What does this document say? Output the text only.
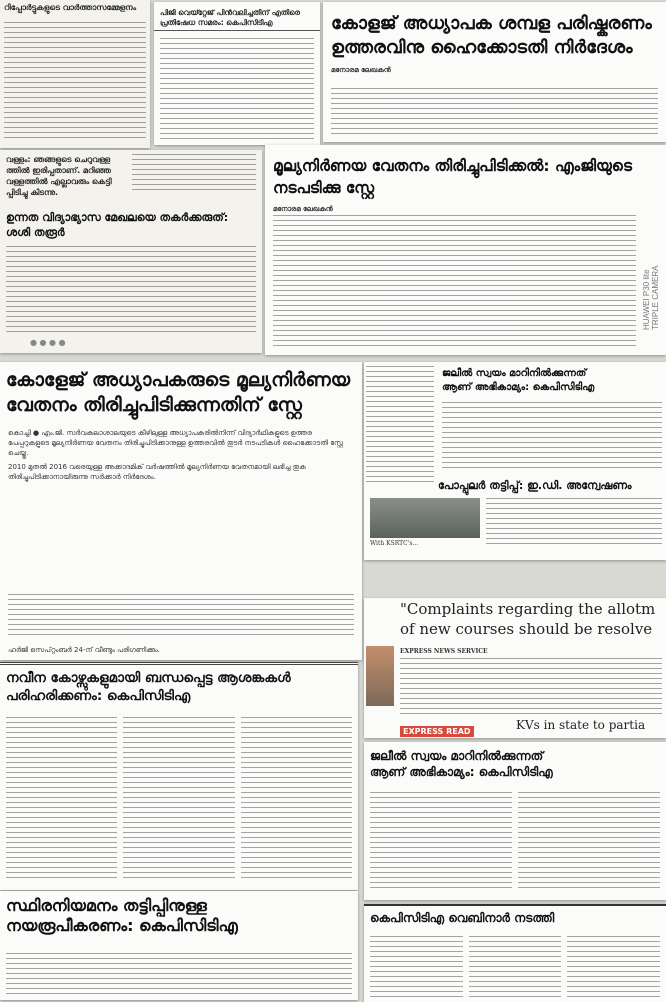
റിപ്പോർട്ടുകളുടെ വാർത്താസമ്മേളനം
പിജി വെയ്റ്റേജ് പിൻവലിച്ചതിന് എതിരെ പ്രതിഷേധ സമരം: കെപിസിടിഎ	കോളജ് അധ്യാപക ശമ്പള പരിഷ്കരണം ഉത്തരവിനു ഹൈക്കോടതി നിർദേശം
മനോരമ ലേഖകൻ
വള്ളം: ഞങ്ങളുടെ ചെറുവള്ള ത്തിൽ ഇരിപ്പതാണ്. മറിഞ്ഞ വള്ളത്തിൽ എല്ലാവരും കെട്ടി പ്പിടിച്ചു കിടന്നു.
ഉന്നത വിദ്യാഭ്യാസ മേഖലയെ തകർക്കരുത്: ശശി തരൂർ
● ● ● ●
മൂല്യനിർണയ വേതനം തിരിച്ചുപിടിക്കൽ: എംജിയുടെ നടപടിക്കു സ്റ്റേ
മനോരമ ലേഖകൻ
HUAWEI P30 lite TRIPLE CAMERA
കോളേജ് അധ്യാപകരുടെ മൂല്യനിർണയ വേതനം തിരിച്ചുപിടിക്കുന്നതിന് സ്റ്റേ
കൊച്ചി ● എം.ജി. സർവകലാശാലയുടെ കീഴിലുള്ള അധ്യാപകരിൽനിന്ന് വിദ്യാർഥികളുടെ ഉത്തര പേപ്പറുകളുടെ മൂല്യനിർണയ വേതനം തിരിച്ചുപിടിക്കാനുള്ള ഉത്തരവിൽ തുടർ നടപടികൾ ഹൈക്കോടതി സ്റ്റേ ചെയ്തു.
2010 മുതൽ 2016 വരെയുള്ള അക്കാദമിക് വർഷത്തിൽ മൂല്യനിർണയ വേതനമായി ലഭിച്ച തുക തിരിച്ചുപിടിക്കാനായിരുന്നു സർക്കാർ നിർദേശം.
ഹർജി സെപ്റ്റംബർ 24-ന് വീണ്ടും പരിഗണിക്കും.
ജലീൽ സ്വയം മാറിനിൽക്കുന്നത്
ആണ് അഭികാമ്യം: കെപിസിടിഎ
പോപ്പുലർ തട്ടിപ്പ്: ഇ.ഡി. അന്വേഷണം
With KSRTC's...
"Complaints regarding the allotm
of new courses should be resolve
EXPRESS NEWS SERVICE
EXPRESS READ	KVs in state to partia
നവീന കോഴ്സുകളുമായി ബന്ധപ്പെട്ട ആശങ്കകൾ
പരിഹരിക്കണം: കെപിസിടിഎ
ജലീൽ സ്വയം മാറിനിൽക്കുന്നത്
ആണ് അഭികാമ്യം: കെപിസിടിഎ
സ്ഥിരനിയമനം തട്ടിപ്പിനുള്ള
നയരൂപീകരണം: കെപിസിടിഎ	കെപിസിടിഎ വെബിനാർ നടത്തി
